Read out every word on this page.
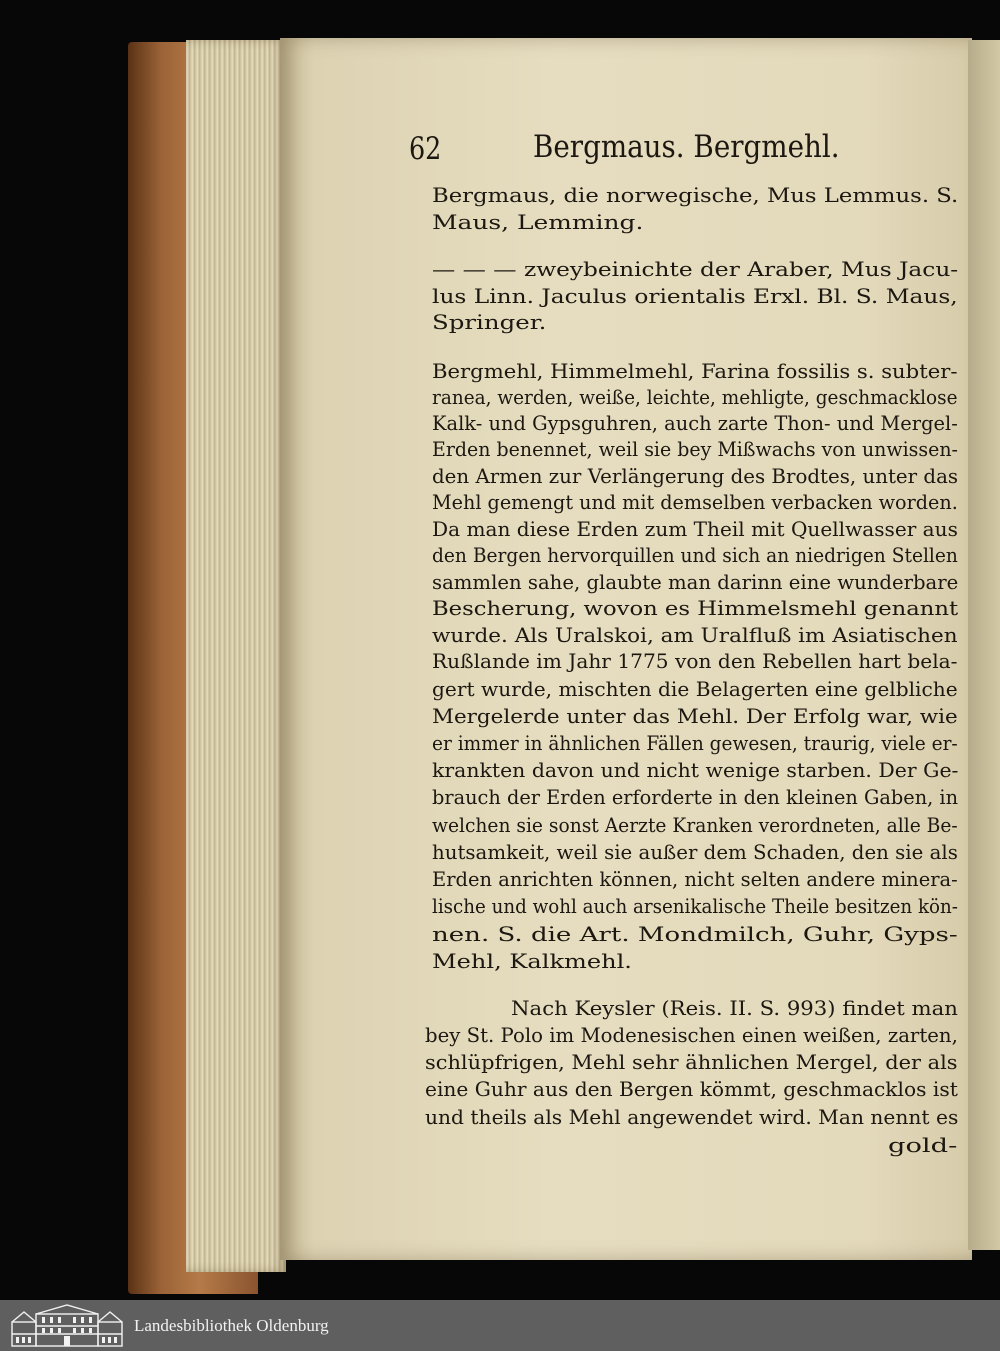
62	Bergmaus. Bergmehl.
Bergmaus, die norwegische, Mus Lemmus. S.
Maus, Lemming.
— — — zweybeinichte der Araber, Mus Jacu-
lus Linn. Jaculus orientalis Erxl. Bl. S. Maus,
Springer.
Bergmehl, Himmelmehl, Farina fossilis s. subter-
ranea, werden, weiße, leichte, mehligte, geschmacklose
Kalk- und Gypsguhren, auch zarte Thon- und Mergel-
Erden benennet, weil sie bey Mißwachs von unwissen-
den Armen zur Verlängerung des Brodtes, unter das
Mehl gemengt und mit demselben verbacken worden.
Da man diese Erden zum Theil mit Quellwasser aus
den Bergen hervorquillen und sich an niedrigen Stellen
sammlen sahe, glaubte man darinn eine wunderbare
Bescherung, wovon es Himmelsmehl genannt
wurde. Als Uralskoi, am Uralfluß im Asiatischen
Rußlande im Jahr 1775 von den Rebellen hart bela-
gert wurde, mischten die Belagerten eine gelbliche
Mergelerde unter das Mehl. Der Erfolg war, wie
er immer in ähnlichen Fällen gewesen, traurig, viele er-
krankten davon und nicht wenige starben. Der Ge-
brauch der Erden erforderte in den kleinen Gaben, in
welchen sie sonst Aerzte Kranken verordneten, alle Be-
hutsamkeit, weil sie außer dem Schaden, den sie als
Erden anrichten können, nicht selten andere minera-
lische und wohl auch arsenikalische Theile besitzen kön-
nen. S. die Art. Mondmilch, Guhr, Gyps-
Mehl, Kalkmehl.
Nach Keysler (Reis. II. S. 993) findet man
bey St. Polo im Modenesischen einen weißen, zarten,
schlüpfrigen, Mehl sehr ähnlichen Mergel, der als
eine Guhr aus den Bergen kömmt, geschmacklos ist
und theils als Mehl angewendet wird. Man nennt es
gold-
Landesbibliothek Oldenburg
